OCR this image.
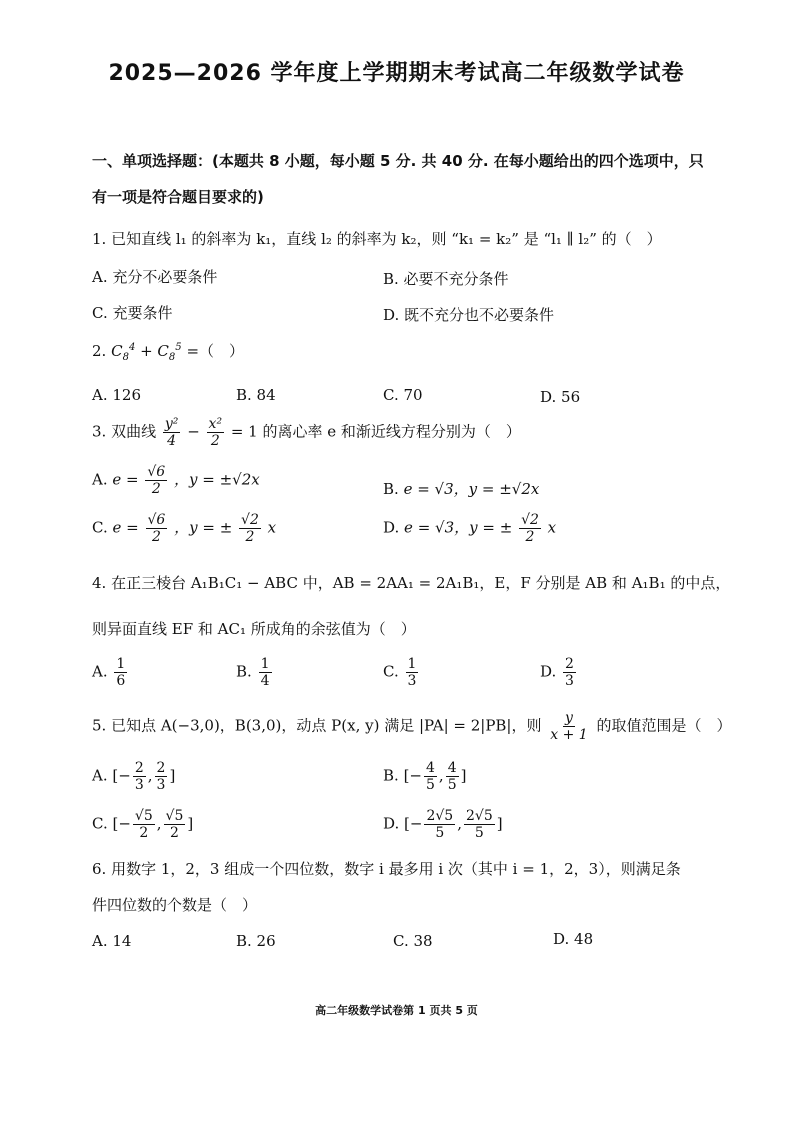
2025—2026 学年度上学期期末考试高二年级数学试卷
一、单项选择题：(本题共 8 小题，每小题 5 分. 共 40 分. 在每小题给出的四个选项中，只
有一项是符合题目要求的)
1. 已知直线 l₁ 的斜率为 k₁，直线 l₂ 的斜率为 k₂，则 “k₁ = k₂” 是 “l₁ ∥ l₂” 的（　）
A. 充分不必要条件	B. 必要不充分条件
C. 充要条件	D. 既不充分也不必要条件
2. $C_8^4 + C_8^5$ =（　）
A. 126	B. 84	C. 70	D. 56
3. 双曲线 $\frac{\text{y²}}{4} - \frac{\text{x²}}{2} = 1$ 的离心率 e 和渐近线方程分别为（　）
A. $e = \frac{√6}{2}$ ，y = ±√2x
B. e = √3，y = ±√2x
C. $e = \frac{√6}{2}$ ，y = ± $\frac{√2}{2}$ x	D. e = √3，y = ± $\frac{√2}{2}$ x
4. 在正三棱台 A₁B₁C₁ − ABC 中，AB = 2AA₁ = 2A₁B₁，E，F 分别是 AB 和 A₁B₁ 的中点，
则异面直线 EF 和 AC₁ 所成角的余弦值为（　）
A. $\frac{1}{6}$	B. $\frac{1}{4}$	C. $\frac{1}{3}$	D. $\frac{2}{3}$
5. 已知点 A(−3,0)，B(3,0)，动点 P(x, y) 满足 |PA| = 2|PB|，则 $\frac{y}{x + 1}$ 的取值范围是（　）
A. [− $\frac{2}{3}$ , $\frac{2}{3}$ ]	B. [− $\frac{4}{5}$ , $\frac{4}{5}$ ]
C. [− $\frac{√5}{2}$ , $\frac{√5}{2}$ ]	D. [− $\frac{2√5}{5}$ , $\frac{2√5}{5}$ ]
6. 用数字 1，2，3 组成一个四位数，数字 i 最多用 i 次（其中 i = 1，2，3），则满足条
件四位数的个数是（　）
A. 14	B. 26	C. 38	D. 48
高二年级数学试卷第 1 页共 5 页
